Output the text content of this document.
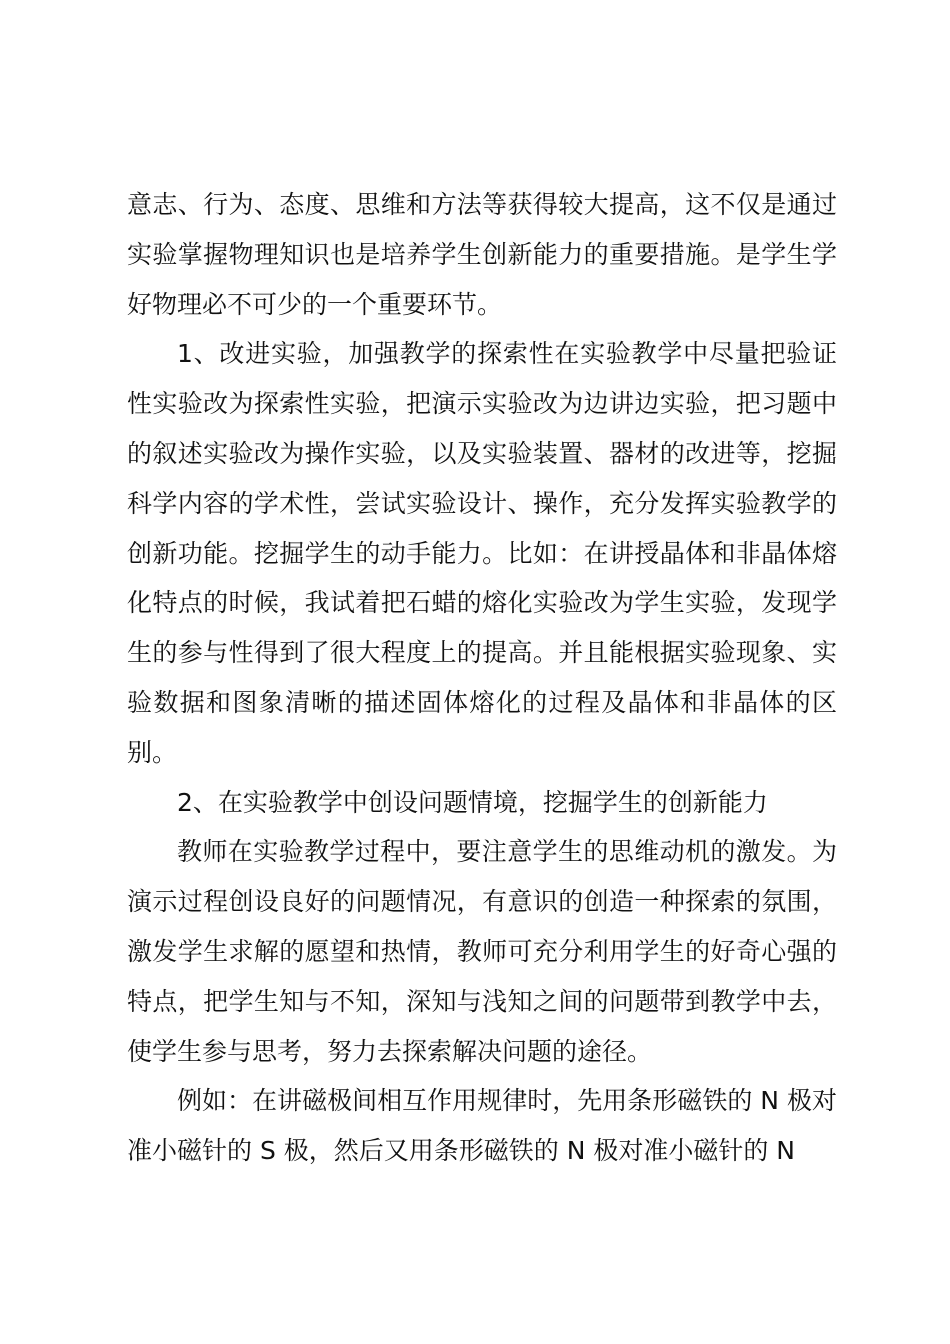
意志、行为、态度、思维和方法等获得较大提高，这不仅是通过实验掌握物理知识也是培养学生创新能力的重要措施。是学生学好物理必不可少的一个重要环节。

1、改进实验，加强教学的探索性在实验教学中尽量把验证性实验改为探索性实验，把演示实验改为边讲边实验，把习题中的叙述实验改为操作实验，以及实验装置、器材的改进等，挖掘科学内容的学术性，尝试实验设计、操作，充分发挥实验教学的创新功能。挖掘学生的动手能力。比如：在讲授晶体和非晶体熔化特点的时候，我试着把石蜡的熔化实验改为学生实验，发现学生的参与性得到了很大程度上的提高。并且能根据实验现象、实验数据和图象清晰的描述固体熔化的过程及晶体和非晶体的区别。

2、在实验教学中创设问题情境，挖掘学生的创新能力

教师在实验教学过程中，要注意学生的思维动机的激发。为演示过程创设良好的问题情况，有意识的创造一种探索的氛围，激发学生求解的愿望和热情，教师可充分利用学生的好奇心强的特点，把学生知与不知，深知与浅知之间的问题带到教学中去，使学生参与思考，努力去探索解决问题的途径。

例如：在讲磁极间相互作用规律时，先用条形磁铁的 N 极对准小磁针的 S 极，然后又用条形磁铁的 N 极对准小磁针的 N
